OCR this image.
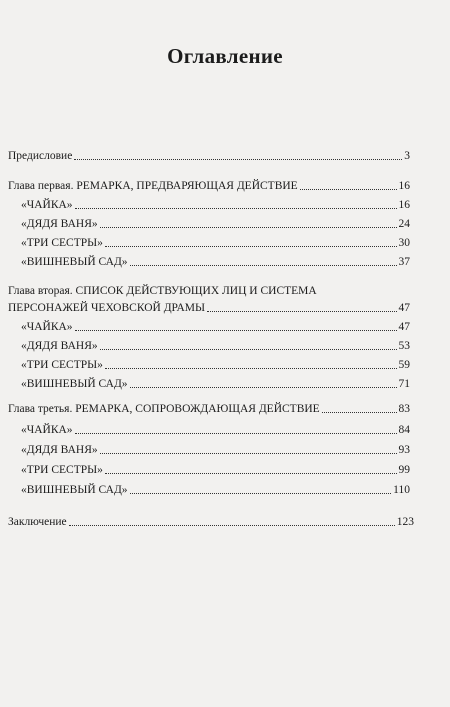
Оглавление
Предисловие	3
Глава первая. РЕМАРКА, ПРЕДВАРЯЮЩАЯ ДЕЙСТВИЕ	16
«ЧАЙКА»	16
«ДЯДЯ ВАНЯ»	24
«ТРИ СЕСТРЫ»	30
«ВИШНЕВЫЙ САД»	37
Глава вторая. СПИСОК ДЕЙСТВУЮЩИХ ЛИЦ И СИСТЕМА
ПЕРСОНАЖЕЙ ЧЕХОВСКОЙ ДРАМЫ	47
«ЧАЙКА»	47
«ДЯДЯ ВАНЯ»	53
«ТРИ СЕСТРЫ»	59
«ВИШНЕВЫЙ САД»	71
Глава третья. РЕМАРКА, СОПРОВОЖДАЮЩАЯ ДЕЙСТВИЕ	83
«ЧАЙКА»	84
«ДЯДЯ ВАНЯ»	93
«ТРИ СЕСТРЫ»	99
«ВИШНЕВЫЙ САД»	110
Заключение	123
